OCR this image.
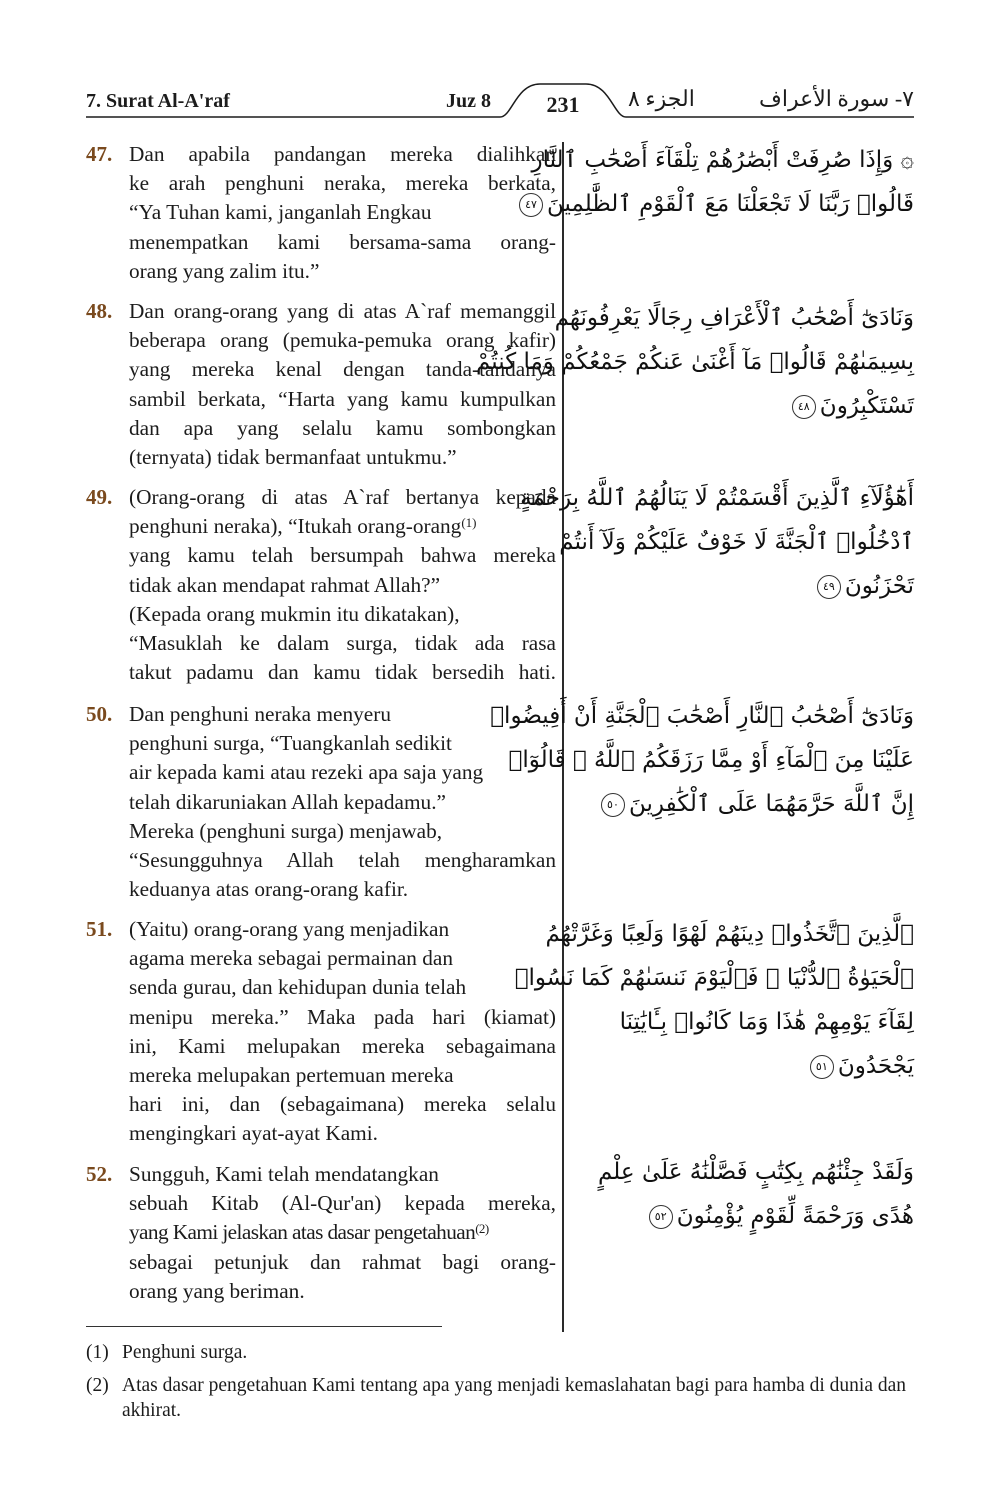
7. Surat Al-A'raf	Juz 8	231	الجزء ٨	٧- سورة الأعراف
47. Dan apabila pandangan mereka dialihkan
ke arah penghuni neraka, mereka berkata,
“Ya Tuhan kami, janganlah Engkau
menempatkan kami bersama-sama orang-
orang yang zalim itu.”
۞ وَإِذَا صُرِفَتْ أَبْصَٰرُهُمْ تِلْقَآءَ أَصْحَٰبِ ٱلنَّارِ
قَالُوا۟ رَبَّنَا لَا تَجْعَلْنَا مَعَ ٱلْقَوْمِ ٱلظَّٰلِمِينَ٤٧
48. Dan orang-orang yang di atas A`raf memanggil
beberapa orang (pemuka-pemuka orang kafir)
yang mereka kenal dengan tanda-tandanya
sambil berkata, “Harta yang kamu kumpulkan
dan apa yang selalu kamu sombongkan
(ternyata) tidak bermanfaat untukmu.”
وَنَادَىٰٓ أَصْحَٰبُ ٱلْأَعْرَافِ رِجَالًا يَعْرِفُونَهُم
بِسِيمَىٰهُمْ قَالُوا۟ مَآ أَغْنَىٰ عَنكُمْ جَمْعُكُمْ وَمَا كُنتُمْ
تَسْتَكْبِرُونَ٤٨
49. (Orang-orang di atas A`raf bertanya kepada
penghuni neraka), “Itukah orang-orang$^{(1)}$
yang kamu telah bersumpah bahwa mereka
tidak akan mendapat rahmat Allah?”
(Kepada orang mukmin itu dikatakan),
“Masuklah ke dalam surga, tidak ada rasa
takut padamu dan kamu tidak bersedih hati.
أَهَٰٓؤُلَآءِ ٱلَّذِينَ أَقْسَمْتُمْ لَا يَنَالُهُمُ ٱللَّهُ بِرَحْمَةٍ
ٱدْخُلُوا۟ ٱلْجَنَّةَ لَا خَوْفٌ عَلَيْكُمْ وَلَآ أَنتُمْ
تَحْزَنُونَ٤٩
50. Dan penghuni neraka menyeru
penghuni surga, “Tuangkanlah sedikit
air kepada kami atau rezeki apa saja yang
telah dikaruniakan Allah kepadamu.”
Mereka (penghuni surga) menjawab,
“Sesungguhnya Allah telah mengharamkan
keduanya atas orang-orang kafir.
وَنَادَىٰٓ أَصْحَٰبُ ٱلنَّارِ أَصْحَٰبَ ٱلْجَنَّةِ أَنْ أَفِيضُوا۟
عَلَيْنَا مِنَ ٱلْمَآءِ أَوْ مِمَّا رَزَقَكُمُ ٱللَّهُ ۚ قَالُوٓا۟
إِنَّ ٱللَّهَ حَرَّمَهُمَا عَلَى ٱلْكَٰفِرِينَ٥٠
51. (Yaitu) orang-orang yang menjadikan
agama mereka sebagai permainan dan
senda gurau, dan kehidupan dunia telah
menipu mereka.” Maka pada hari (kiamat)
ini, Kami melupakan mereka sebagaimana
mereka melupakan pertemuan mereka
hari ini, dan (sebagaimana) mereka selalu
mengingkari ayat-ayat Kami.
ٱلَّذِينَ ٱتَّخَذُوا۟ دِينَهُمْ لَهْوًا وَلَعِبًا وَغَرَّتْهُمُ
ٱلْحَيَوٰةُ ٱلدُّنْيَا ۚ فَٱلْيَوْمَ نَنسَىٰهُمْ كَمَا نَسُوا۟
لِقَآءَ يَوْمِهِمْ هَٰذَا وَمَا كَانُوا۟ بِـَٔايَٰتِنَا
يَجْحَدُونَ٥١
52. Sungguh, Kami telah mendatangkan
sebuah Kitab (Al-Qur'an) kepada mereka,
yang Kami jelaskan atas dasar pengetahuan$^{(2)}$
sebagai petunjuk dan rahmat bagi orang-
orang yang beriman.
وَلَقَدْ جِئْنَٰهُم بِكِتَٰبٍ فَصَّلْنَٰهُ عَلَىٰ عِلْمٍ
هُدًى وَرَحْمَةً لِّقَوْمٍ يُؤْمِنُونَ٥٢
(1) Penghuni surga.
(2) Atas dasar pengetahuan Kami tentang apa yang menjadi kemaslahatan bagi para hamba di dunia dan akhirat.
